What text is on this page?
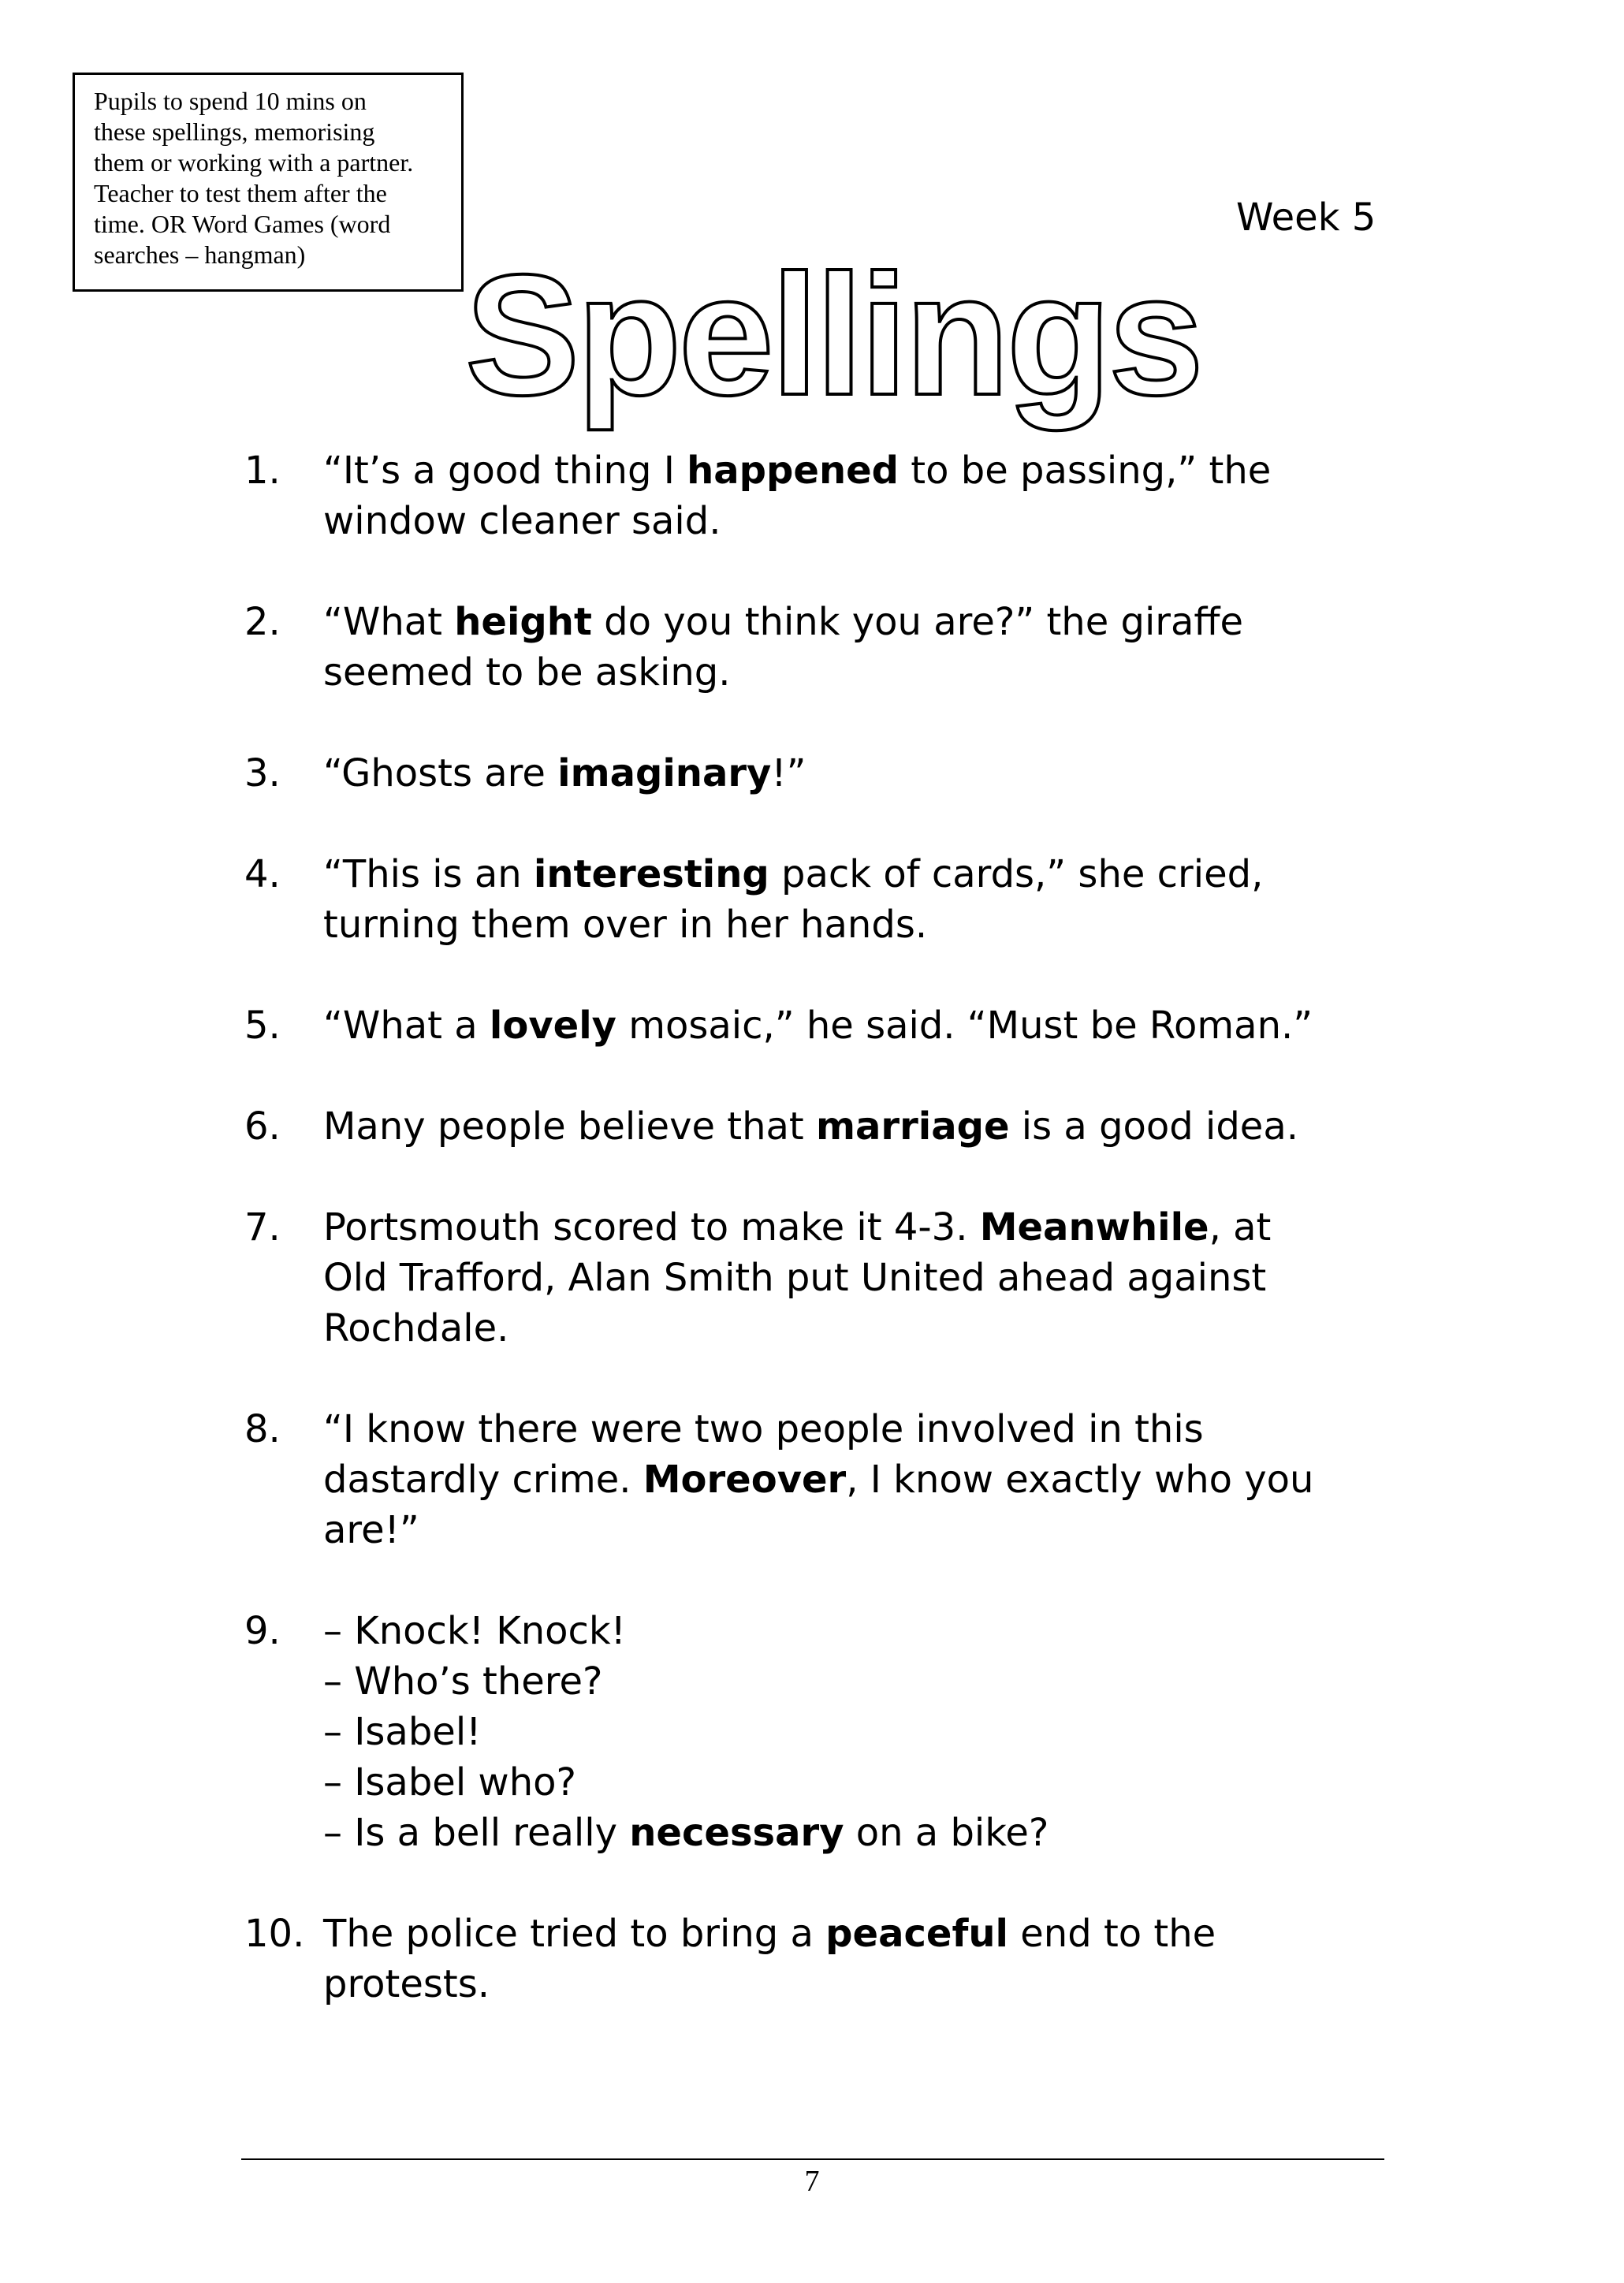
Pupils to spend 10 mins on
these spellings, memorising
them or working with a partner.
Teacher to test them after the
time. OR Word Games (word
searches – hangman)
Week 5
Spellings
1. “It’s a good thing I happened to be passing,” the
window cleaner said.
2. “What height do you think you are?” the giraffe
seemed to be asking.
3. “Ghosts are imaginary!”
4. “This is an interesting pack of cards,” she cried,
turning them over in her hands.
5. “What a lovely mosaic,” he said. “Must be Roman.”
6. Many people believe that marriage is a good idea.
7. Portsmouth scored to make it 4-3. Meanwhile, at
Old Trafford, Alan Smith put United ahead against
Rochdale.
8. “I know there were two people involved in this
dastardly crime. Moreover, I know exactly who you
are!”
9. – Knock! Knock!
– Who’s there?
– Isabel!
– Isabel who?
– Is a bell really necessary on a bike?
10. The police tried to bring a peaceful end to the
protests.
7
